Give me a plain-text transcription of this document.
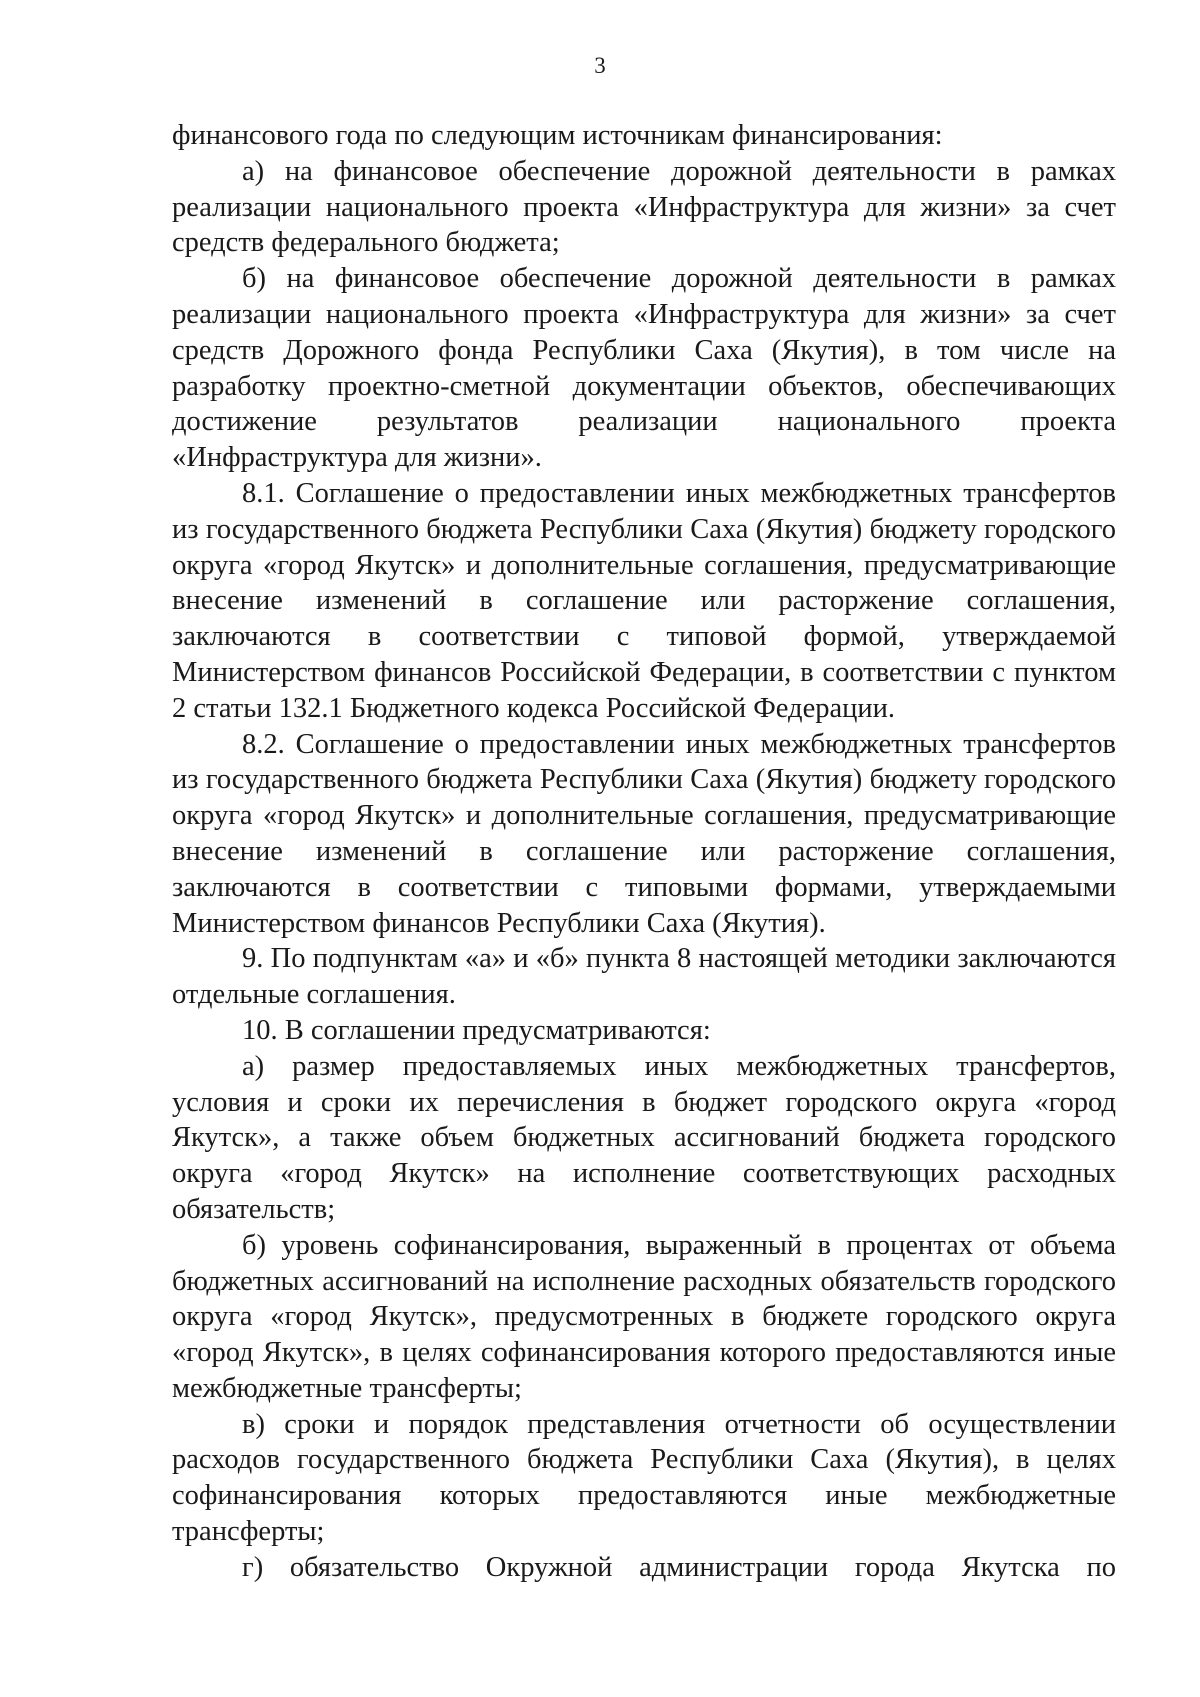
3

финансового года по следующим источникам финансирования:

а) на финансовое обеспечение дорожной деятельности в рамках реализации национального проекта «Инфраструктура для жизни» за счет средств федерального бюджета;

б) на финансовое обеспечение дорожной деятельности в рамках реализации национального проекта «Инфраструктура для жизни» за счет средств Дорожного фонда Республики Саха (Якутия), в том числе на разработку проектно-сметной документации объектов, обеспечивающих достижение результатов реализации национального проекта «Инфраструктура для жизни».

8.1. Соглашение о предоставлении иных межбюджетных трансфертов из государственного бюджета Республики Саха (Якутия) бюджету городского округа «город Якутск» и дополнительные соглашения, предусматривающие внесение изменений в соглашение или расторжение соглашения, заключаются в соответствии с типовой формой, утверждаемой Министерством финансов Российской Федерации, в соответствии с пунктом 2 статьи 132.1 Бюджетного кодекса Российской Федерации.

8.2. Соглашение о предоставлении иных межбюджетных трансфертов из государственного бюджета Республики Саха (Якутия) бюджету городского округа «город Якутск» и дополнительные соглашения, предусматривающие внесение изменений в соглашение или расторжение соглашения, заключаются в соответствии с типовыми формами, утверждаемыми Министерством финансов Республики Саха (Якутия).

9. По подпунктам «а» и «б» пункта 8 настоящей методики заключаются отдельные соглашения.

10. В соглашении предусматриваются:

а) размер предоставляемых иных межбюджетных трансфертов, условия и сроки их перечисления в бюджет городского округа «город Якутск», а также объем бюджетных ассигнований бюджета городского округа «город Якутск» на исполнение соответствующих расходных обязательств;

б) уровень софинансирования, выраженный в процентах от объема бюджетных ассигнований на исполнение расходных обязательств городского округа «город Якутск», предусмотренных в бюджете городского округа «город Якутск», в целях софинансирования которого предоставляются иные межбюджетные трансферты;

в) сроки и порядок представления отчетности об осуществлении расходов государственного бюджета Республики Саха (Якутия), в целях софинансирования которых предоставляются иные межбюджетные трансферты;

г) обязательство Окружной администрации города Якутска по
